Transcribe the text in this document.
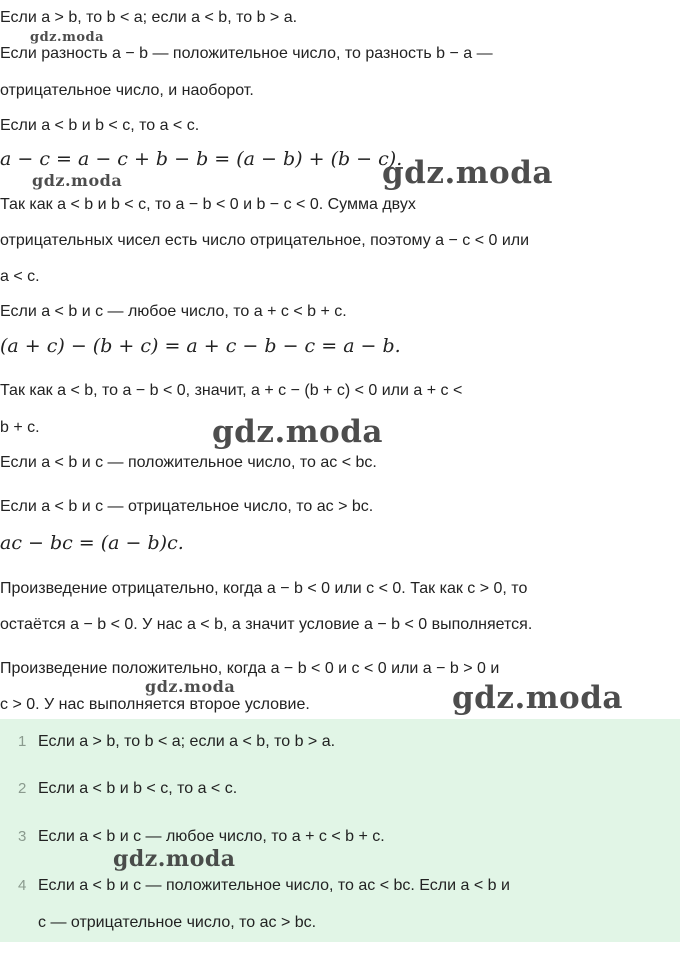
Если a > b, то b < a; если a < b, то b > a.
Если разность a − b — положительное число, то разность b − a —
отрицательное число, и наоборот.
Если a < b и b < c, то a < c.
a − c = a − c + b − b = (a − b) + (b − c).
Так как a < b и b < c, то a − b < 0 и b − c < 0. Сумма двух
отрицательных чисел есть число отрицательное, поэтому a − c < 0 или
a < c.
Если a < b и c — любое число, то a + c < b + c.
(a + c) − (b + c) = a + c − b − c = a − b.
Так как a < b, то a − b < 0, значит, a + c − (b + c) < 0 или a + c <
b + c.
Если a < b и c — положительное число, то ac < bc.
Если a < b и c — отрицательное число, то ac > bc.
ac − bc = (a − b)c.
Произведение отрицательно, когда a − b < 0 или c < 0. Так как c > 0, то
остаётся a − b < 0. У нас a < b, а значит условие a − b < 0 выполняется.
Произведение положительно, когда a − b < 0 и c < 0 или a − b > 0 и
c > 0. У нас выполняется второе условие.
1 Если a > b, то b < a; если a < b, то b > a.
2 Если a < b и b < c, то a < c.
3 Если a < b и c — любое число, то a + c < b + c.
4 Если a < b и c — положительное число, то ac < bc. Если a < b и
c — отрицательное число, то ac > bc.
gdz.moda
gdz.moda	gdz.moda
gdz.moda
gdz.moda	gdz.moda
gdz.moda
